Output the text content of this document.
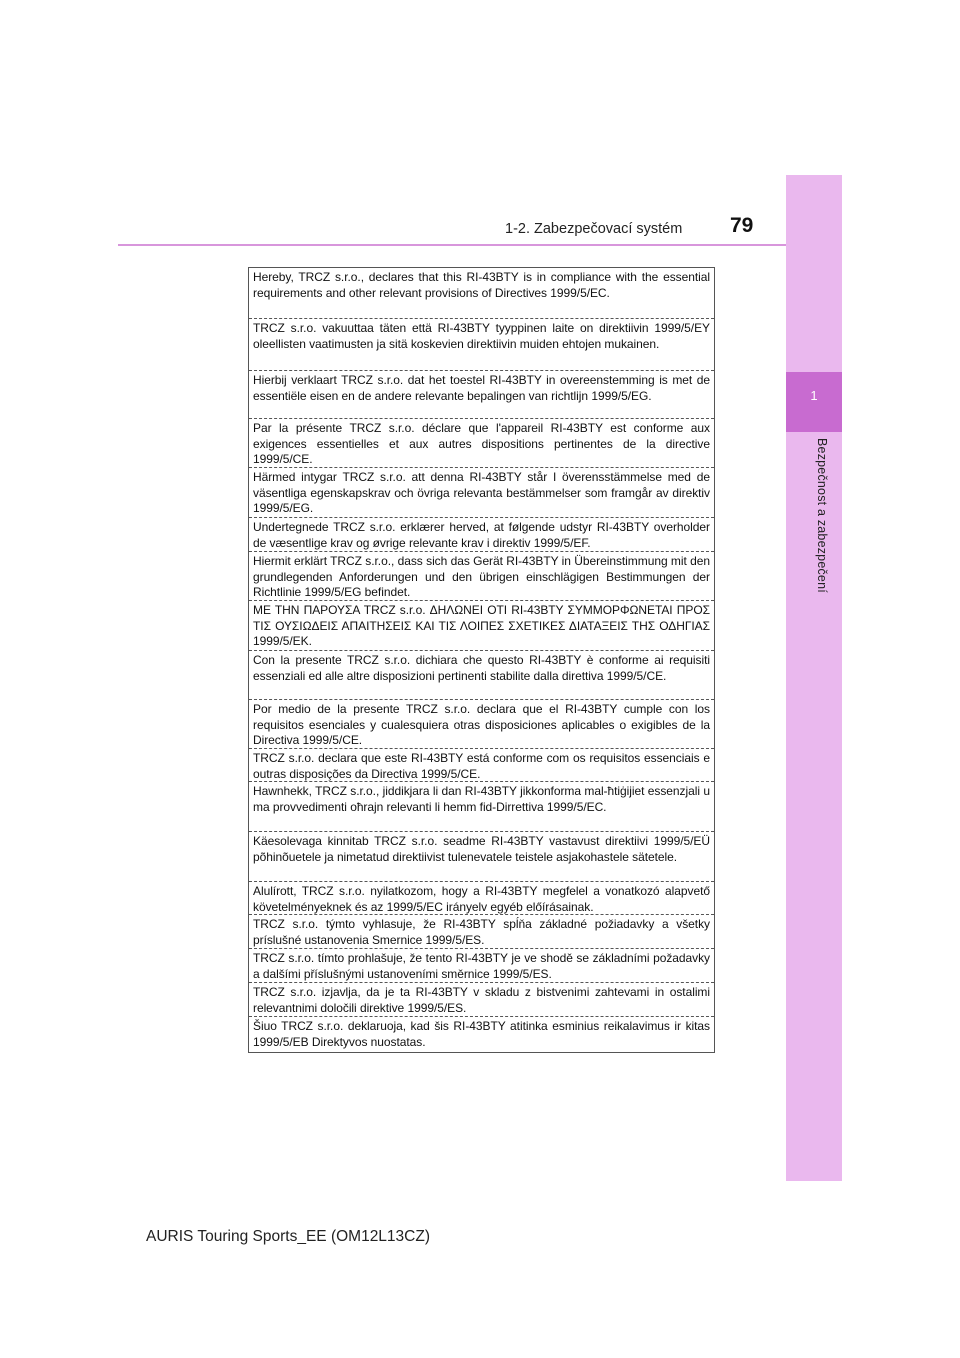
1
Bezpečnost a zabezpečení
1-2. Zabezpečovací systém 79
Hereby, TRCZ s.r.o., declares that this RI-43BTY is in compliance with the essential requirements and other relevant provisions of Directives 1999/5/EC.
TRCZ s.r.o. vakuuttaa täten että RI-43BTY tyyppinen laite on direktiivin 1999/5/EY oleellisten vaatimusten ja sitä koskevien direktiivin muiden ehtojen mukainen.
Hierbij verklaart TRCZ s.r.o. dat het toestel RI-43BTY in overeenstemming is met de essentiële eisen en de andere relevante bepalingen van richtlijn 1999/5/EG.
Par la présente TRCZ s.r.o. déclare que l'appareil RI-43BTY est conforme aux exigences essentielles et aux autres dispositions pertinentes de la directive 1999/5/CE.
Härmed intygar TRCZ s.r.o. att denna RI-43BTY står I överensstämmelse med de väsentliga egenskapskrav och övriga relevanta bestämmelser som framgår av direktiv 1999/5/EG.
Undertegnede TRCZ s.r.o. erklærer herved, at følgende udstyr RI-43BTY overholder de væsentlige krav og øvrige relevante krav i direktiv 1999/5/EF.
Hiermit erklärt TRCZ s.r.o., dass sich das Gerät RI-43BTY in Übereinstimmung mit den grundlegenden Anforderungen und den übrigen einschlägigen Bestimmungen der Richtlinie 1999/5/EG befindet.
ΜΕ ΤΗΝ ΠΑΡΟΥΣΑ TRCZ s.r.o. ΔΗΛΩΝΕΙ ΟΤΙ RI-43BTY ΣΥΜΜΟΡΦΩΝΕΤΑΙ ΠΡΟΣ ΤΙΣ ΟΥΣΙΩΔΕΙΣ ΑΠΑΙΤΗΣΕΙΣ ΚΑΙ ΤΙΣ ΛΟΙΠΕΣ ΣΧΕΤΙΚΕΣ ΔΙΑΤΑΞΕΙΣ ΤΗΣ ΟΔΗΓΙΑΣ 1999/5/ΕΚ.
Con la presente TRCZ s.r.o. dichiara che questo RI-43BTY è conforme ai requisiti essenziali ed alle altre disposizioni pertinenti stabilite dalla direttiva 1999/5/CE.
Por medio de la presente TRCZ s.r.o. declara que el RI-43BTY cumple con los requisitos esenciales y cualesquiera otras disposiciones aplicables o exigibles de la Directiva 1999/5/CE.
TRCZ s.r.o. declara que este RI-43BTY está conforme com os requisitos essenciais e outras disposições da Directiva 1999/5/CE.
Hawnhekk, TRCZ s.r.o., jiddikjara li dan RI-43BTY jikkonforma mal-ħtiġijiet essenzjali u ma provvedimenti oħrajn relevanti li hemm fid-Dirrettiva 1999/5/EC.
Käesolevaga kinnitab TRCZ s.r.o. seadme RI-43BTY vastavust direktiivi 1999/5/EÜ põhinõuetele ja nimetatud direktiivist tulenevatele teistele asjakohastele sätetele.
Alulírott, TRCZ s.r.o. nyilatkozom, hogy a RI-43BTY megfelel a vonatkozó alapvető követelményeknek és az 1999/5/EC irányelv egyéb előírásainak.
TRCZ s.r.o. týmto vyhlasuje, že RI-43BTY spĺňa základné požiadavky a všetky príslušné ustanovenia Smernice 1999/5/ES.
TRCZ s.r.o. tímto prohlašuje, že tento RI-43BTY je ve shodě se základními požadavky a dalšími příslušnými ustanoveními směrnice 1999/5/ES.
TRCZ s.r.o. izjavlja, da je ta RI-43BTY v skladu z bistvenimi zahtevami in ostalimi relevantnimi določili direktive 1999/5/ES.
Šiuo TRCZ s.r.o. deklaruoja, kad šis RI-43BTY atitinka esminius reikalavimus ir kitas 1999/5/EB Direktyvos nuostatas.
AURIS Touring Sports_EE (OM12L13CZ)
